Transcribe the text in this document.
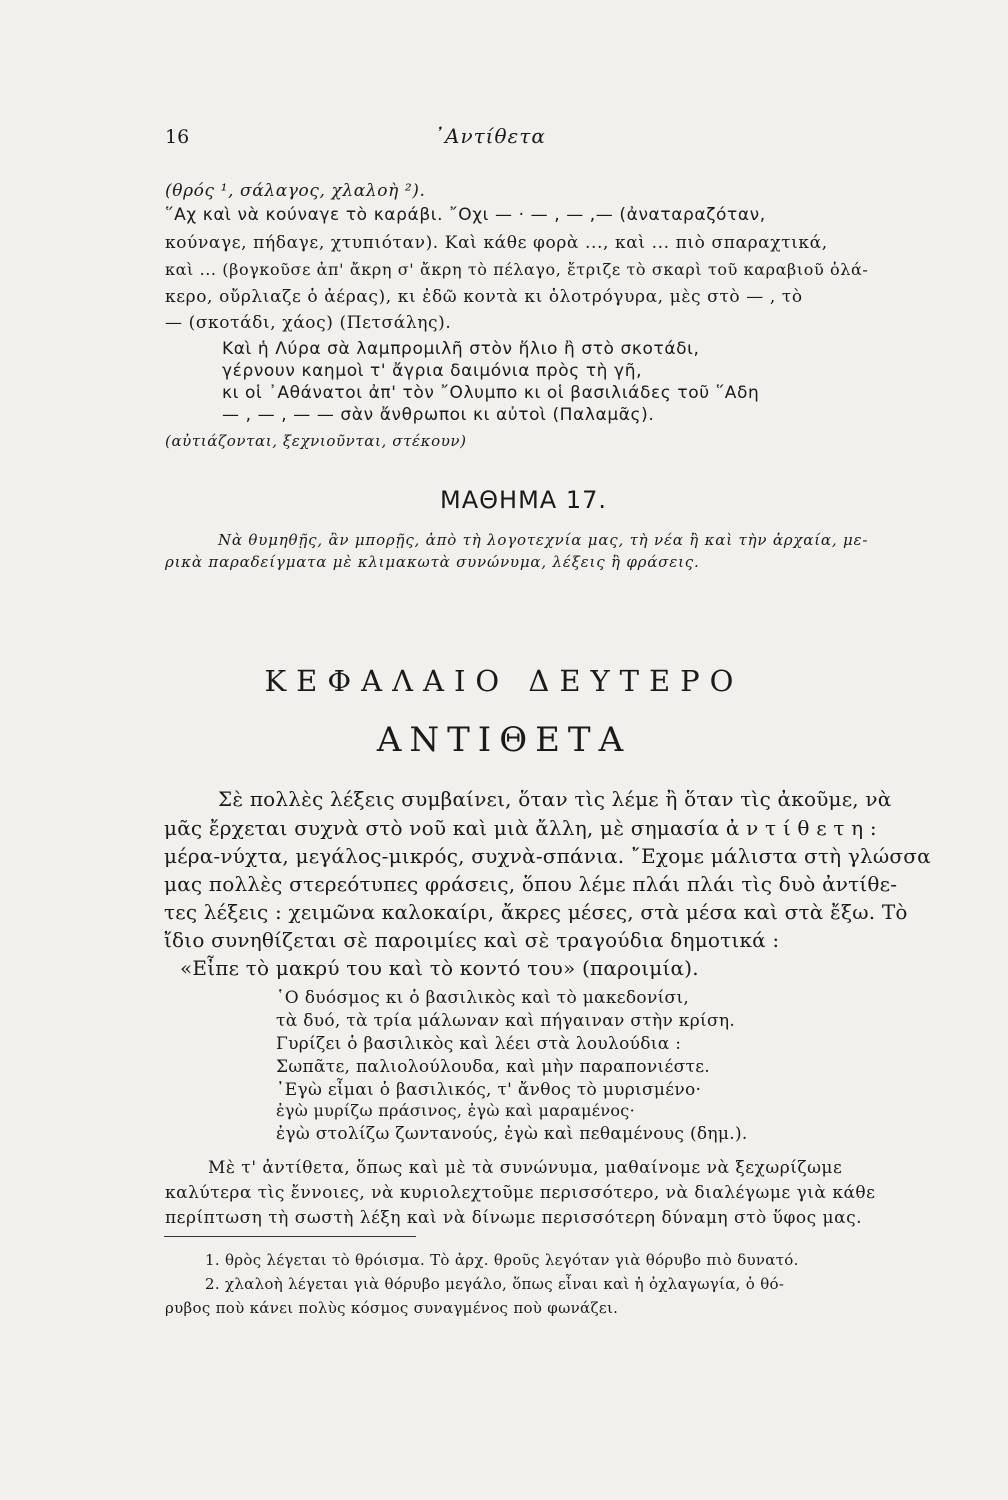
16	᾿Αντίθετα
(θρός ¹, σάλαγος, χλαλοὴ ²).
῞Αχ καὶ νὰ κούναγε τὸ καράβι. ῎Οχι — · — , — ,— (ἀναταραζόταν,
κούναγε, πήδαγε, χτυπιόταν). Καὶ κάθε φορὰ ..., καὶ ... πιὸ σπαραχτικά,
καὶ ... (βογκοῦσε ἀπ' ἄκρη σ' ἄκρη τὸ πέλαγο, ἔτριζε τὸ σκαρὶ τοῦ καραβιοῦ ὁλά-
κερο, οὔρλιαζε ὁ ἀέρας), κι ἐδῶ κοντὰ κι ὁλοτρόγυρα, μὲς στὸ — , τὸ
— (σκοτάδι, χάος) (Πετσάλης).
Καὶ ἡ Λύρα σὰ λαμπρομιλῆ στὸν ἥλιο ἢ στὸ σκοτάδι,
γέρνουν καημοὶ τ' ἄγρια δαιμόνια πρὸς τὴ γῆ,
κι οἱ ᾿Αθάνατοι ἀπ' τὸν ῎Ολυμπο κι οἱ βασιλιάδες τοῦ ῞Αδη
— , — , — — σὰν ἄνθρωποι κι αὐτοὶ (Παλαμᾶς).
(αὐτιάζονται, ξεχνιοῦνται, στέκουν)
ΜΑΘΗΜΑ 17.
Νὰ θυμηθῇς, ἂν μπορῇς, ἀπὸ τὴ λογοτεχνία μας, τὴ νέα ἢ καὶ τὴν ἀρχαία, με-
ρικὰ παραδείγματα μὲ κλιμακωτὰ συνώνυμα, λέξεις ἢ φράσεις.
ΚΕΦΑΛΑΙΟ ΔΕΥΤΕΡΟ
ΑΝΤΙΘΕΤΑ
Σὲ πολλὲς λέξεις συμβαίνει, ὅταν τὶς λέμε ἢ ὅταν τὶς ἀκοῦμε, νὰ
μᾶς ἔρχεται συχνὰ στὸ νοῦ καὶ μιὰ ἄλλη, μὲ σημασία ἀ ν τ ί θ ε τ η :
μέρα-νύχτα, μεγάλος-μικρός, συχνὰ-σπάνια. ῎Εχομε μάλιστα στὴ γλώσσα
μας πολλὲς στερεότυπες φράσεις, ὅπου λέμε πλάι πλάι τὶς δυὸ ἀντίθε-
τες λέξεις : χειμῶνα καλοκαίρι, ἄκρες μέσες, στὰ μέσα καὶ στὰ ἔξω. Τὸ
ἴδιο συνηθίζεται σὲ παροιμίες καὶ σὲ τραγούδια δημοτικά :
«Εἶπε τὸ μακρύ του καὶ τὸ κοντό του» (παροιμία).
῾Ο δυόσμος κι ὁ βασιλικὸς καὶ τὸ μακεδονίσι,
τὰ δυό, τὰ τρία μάλωναν καὶ πήγαιναν στὴν κρίση.
Γυρίζει ὁ βασιλικὸς καὶ λέει στὰ λουλούδια :
Σωπᾶτε, παλιολούλουδα, καὶ μὴν παραπονιέστε.
᾿Εγὼ εἶμαι ὁ βασιλικός, τ' ἄνθος τὸ μυρισμένο·
ἐγὼ μυρίζω πράσινος, ἐγὼ καὶ μαραμένος·
ἐγὼ στολίζω ζωντανούς, ἐγὼ καὶ πεθαμένους (δημ.).
Μὲ τ' ἀντίθετα, ὅπως καὶ μὲ τὰ συνώνυμα, μαθαίνομε νὰ ξεχωρίζωμε
καλύτερα τὶς ἔννοιες, νὰ κυριολεχτοῦμε περισσότερο, νὰ διαλέγωμε γιὰ κάθε
περίπτωση τὴ σωστὴ λέξη καὶ νὰ δίνωμε περισσότερη δύναμη στὸ ὕφος μας.
1. θρὸς λέγεται τὸ θρόισμα. Τὸ ἀρχ. θροῦς λεγόταν γιὰ θόρυβο πιὸ δυνατό.
2. χλαλοὴ λέγεται γιὰ θόρυβο μεγάλο, ὅπως εἶναι καὶ ἡ ὀχλαγωγία, ὁ θό-
ρυβος ποὺ κάνει πολὺς κόσμος συναγμένος ποὺ φωνάζει.
